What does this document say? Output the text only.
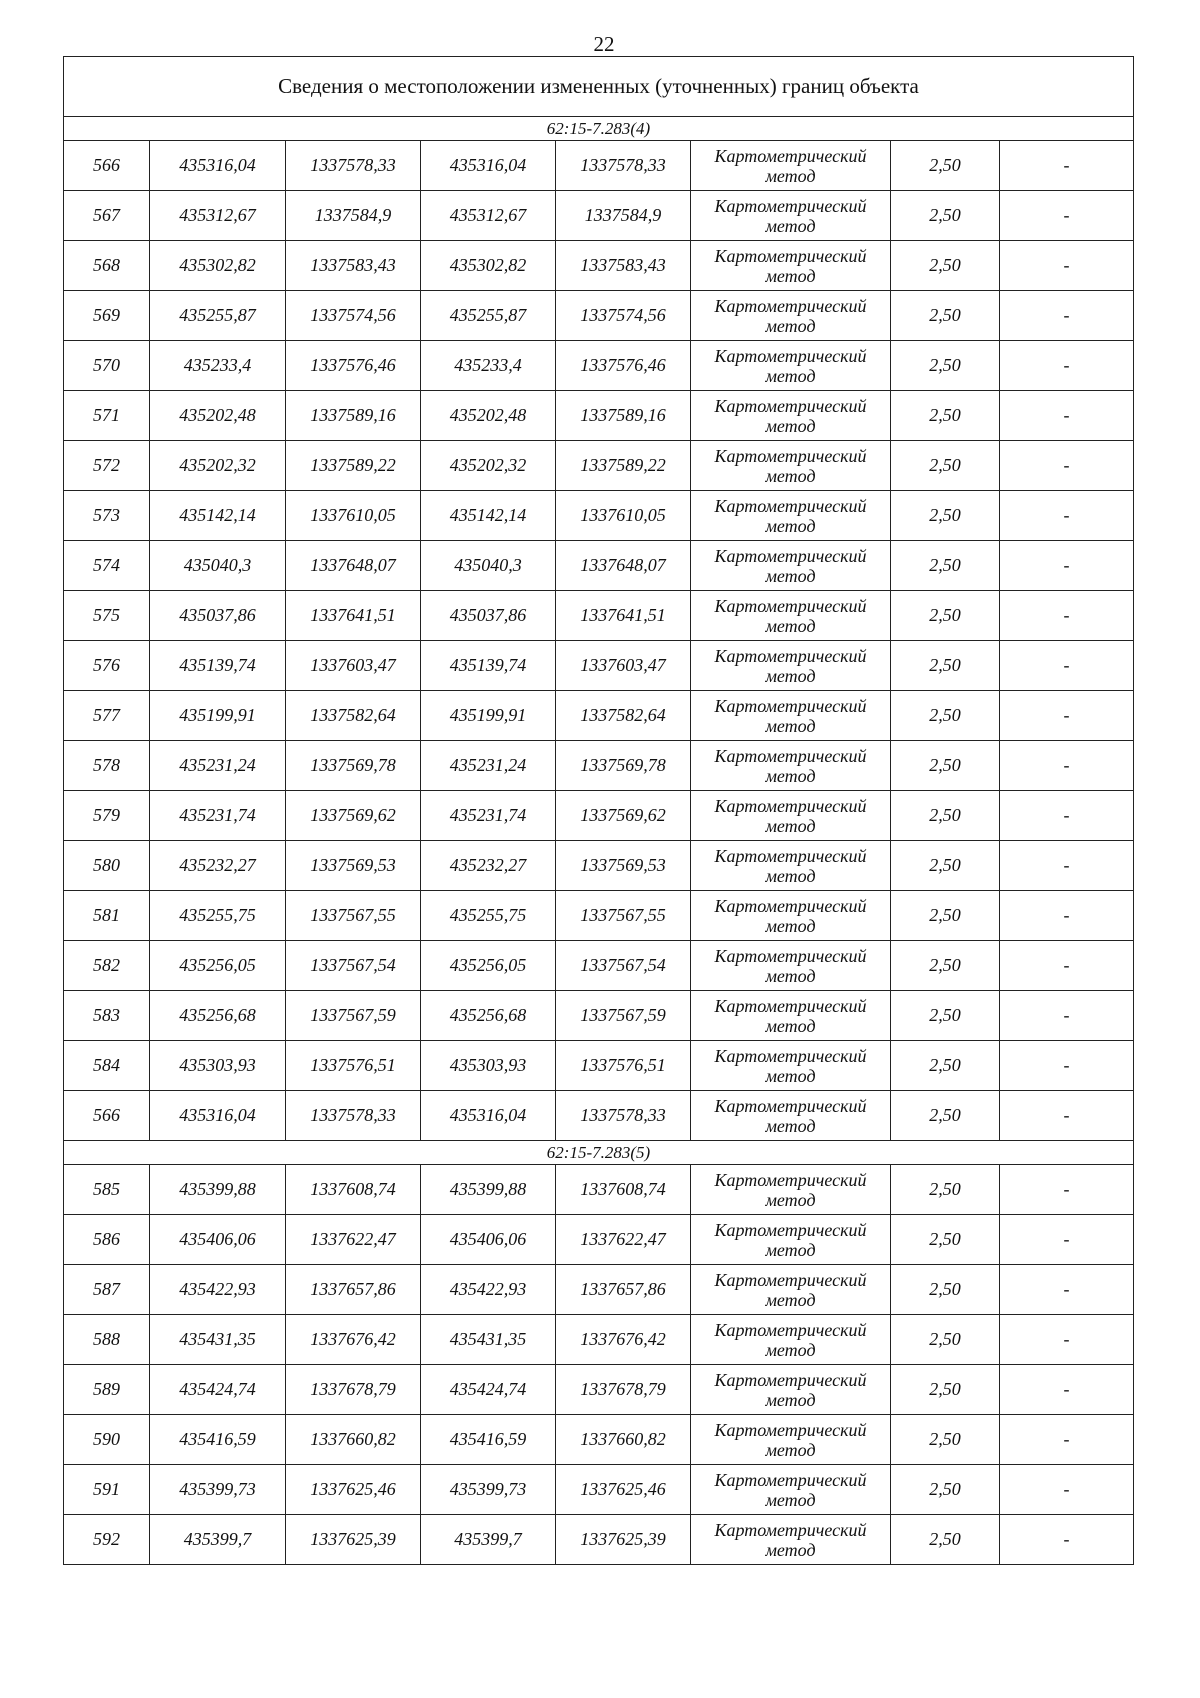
22
Сведения о местоположении измененных (уточненных) границ объекта							
62:15-7.283(4)							
566	435316,04	1337578,33	435316,04	1337578,33	Картометрический метод	2,50	-
567	435312,67	1337584,9	435312,67	1337584,9	Картометрический метод	2,50	-
568	435302,82	1337583,43	435302,82	1337583,43	Картометрический метод	2,50	-
569	435255,87	1337574,56	435255,87	1337574,56	Картометрический метод	2,50	-
570	435233,4	1337576,46	435233,4	1337576,46	Картометрический метод	2,50	-
571	435202,48	1337589,16	435202,48	1337589,16	Картометрический метод	2,50	-
572	435202,32	1337589,22	435202,32	1337589,22	Картометрический метод	2,50	-
573	435142,14	1337610,05	435142,14	1337610,05	Картометрический метод	2,50	-
574	435040,3	1337648,07	435040,3	1337648,07	Картометрический метод	2,50	-
575	435037,86	1337641,51	435037,86	1337641,51	Картометрический метод	2,50	-
576	435139,74	1337603,47	435139,74	1337603,47	Картометрический метод	2,50	-
577	435199,91	1337582,64	435199,91	1337582,64	Картометрический метод	2,50	-
578	435231,24	1337569,78	435231,24	1337569,78	Картометрический метод	2,50	-
579	435231,74	1337569,62	435231,74	1337569,62	Картометрический метод	2,50	-
580	435232,27	1337569,53	435232,27	1337569,53	Картометрический метод	2,50	-
581	435255,75	1337567,55	435255,75	1337567,55	Картометрический метод	2,50	-
582	435256,05	1337567,54	435256,05	1337567,54	Картометрический метод	2,50	-
583	435256,68	1337567,59	435256,68	1337567,59	Картометрический метод	2,50	-
584	435303,93	1337576,51	435303,93	1337576,51	Картометрический метод	2,50	-
566	435316,04	1337578,33	435316,04	1337578,33	Картометрический метод	2,50	-
62:15-7.283(5)							
585	435399,88	1337608,74	435399,88	1337608,74	Картометрический метод	2,50	-
586	435406,06	1337622,47	435406,06	1337622,47	Картометрический метод	2,50	-
587	435422,93	1337657,86	435422,93	1337657,86	Картометрический метод	2,50	-
588	435431,35	1337676,42	435431,35	1337676,42	Картометрический метод	2,50	-
589	435424,74	1337678,79	435424,74	1337678,79	Картометрический метод	2,50	-
590	435416,59	1337660,82	435416,59	1337660,82	Картометрический метод	2,50	-
591	435399,73	1337625,46	435399,73	1337625,46	Картометрический метод	2,50	-
592	435399,7	1337625,39	435399,7	1337625,39	Картометрический метод	2,50	-
